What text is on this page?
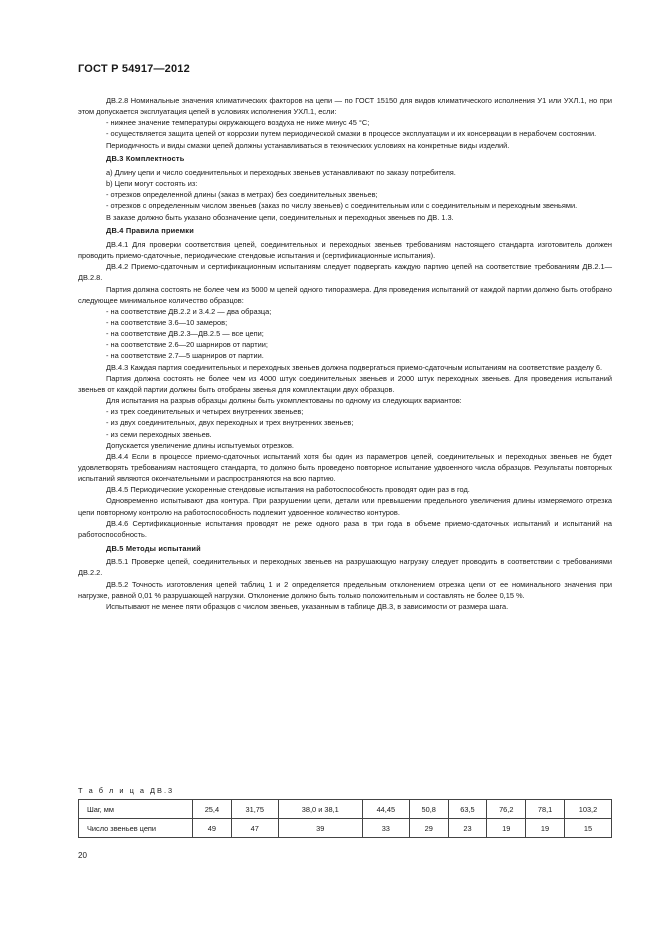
ГОСТ Р 54917—2012
ДВ.2.8 Номинальные значения климатических факторов на цепи — по ГОСТ 15150 для видов климатического исполнения У1 или УХЛ.1, но при этом допускается эксплуатация цепей в условиях исполнения УХЛ.1, если:
- нижнее значение температуры окружающего воздуха не ниже минус 45 °С;
- осуществляется защита цепей от коррозии путем периодической смазки в процессе эксплуатации и их консервации в нерабочем состоянии.
Периодичность и виды смазки цепей должны устанавливаться в технических условиях на конкретные виды изделий.
ДВ.3 Комплектность
а) Длину цепи и число соединительных и переходных звеньев устанавливают по заказу потребителя.
b) Цепи могут состоять из:
- отрезков определенной длины (заказ в метрах) без соединительных звеньев;
- отрезков с определенным числом звеньев (заказ по числу звеньев) с соединительным или с соединительным и переходным звеньями.
В заказе должно быть указано обозначение цепи, соединительных и переходных звеньев по ДВ. 1.3.
ДВ.4 Правила приемки
ДВ.4.1 Для проверки соответствия цепей, соединительных и переходных звеньев требованиям настоящего стандарта изготовитель должен проводить приемо-сдаточные, периодические стендовые испытания и (сертификационные испытания).
ДВ.4.2 Приемо-сдаточным и сертификационным испытаниям следует подвергать каждую партию цепей на соответствие требованиям ДВ.2.1—ДВ.2.8.
Партия должна состоять не более чем из 5000 м цепей одного типоразмера. Для проведения испытаний от каждой партии должно быть отобрано следующее минимальное количество образцов:
- на соответствие ДВ.2.2 и 3.4.2 — два образца;
- на соответствие 3.6—10 замеров;
- на соответствие ДВ.2.3—ДВ.2.5 — все цепи;
- на соответствие 2.6—20 шарниров от партии;
- на соответствие 2.7—5 шарниров от партии.
ДВ.4.3 Каждая партия соединительных и переходных звеньев должна подвергаться приемо-сдаточным испытаниям на соответствие разделу 6.
Партия должна состоять не более чем из 4000 штук соединительных звеньев и 2000 штук переходных звеньев. Для проведения испытаний звеньев от каждой партии должны быть отобраны звенья для комплектации двух образцов.
Для испытания на разрыв образцы должны быть укомплектованы по одному из следующих вариантов:
- из трех соединительных и четырех внутренних звеньев;
- из двух соединительных, двух переходных и трех внутренних звеньев;
- из семи переходных звеньев.
Допускается увеличение длины испытуемых отрезков.
ДВ.4.4 Если в процессе приемо-сдаточных испытаний хотя бы один из параметров цепей, соединительных и переходных звеньев не будет удовлетворять требованиям настоящего стандарта, то должно быть проведено повторное испытание удвоенного числа образцов. Результаты повторных испытаний являются окончательными и распространяются на всю партию.
ДВ.4.5 Периодические ускоренные стендовые испытания на работоспособность проводят один раз в год.
Одновременно испытывают два контура. При разрушении цепи, детали или превышении предельного увеличения длины измеряемого отрезка цепи повторному контролю на работоспособность подлежит удвоенное количество контуров.
ДВ.4.6 Сертификационные испытания проводят не реже одного раза в три года в объеме приемо-сдаточных испытаний и испытаний на работоспособность.
ДВ.5 Методы испытаний
ДВ.5.1 Проверке цепей, соединительных и переходных звеньев на разрушающую нагрузку следует проводить в соответствии с требованиями ДВ.2.2.
ДВ.5.2 Точность изготовления цепей таблиц 1 и 2 определяется предельным отклонением отрезка цепи от ее номинального значения при нагрузке, равной 0,01 % разрушающей нагрузки. Отклонение должно быть только положительным и составлять не более 0,15 %.
Испытывают не менее пяти образцов с числом звеньев, указанным в таблице ДВ.3, в зависимости от размера шага.
Т а б л и ц а ДВ.3
Шаг, мм	25,4	31,75	38,0 и 38,1	44,45	50,8	63,5	76,2	78,1	103,2
Число звеньев цепи	49	47	39	33	29	23	19	19	15
20
